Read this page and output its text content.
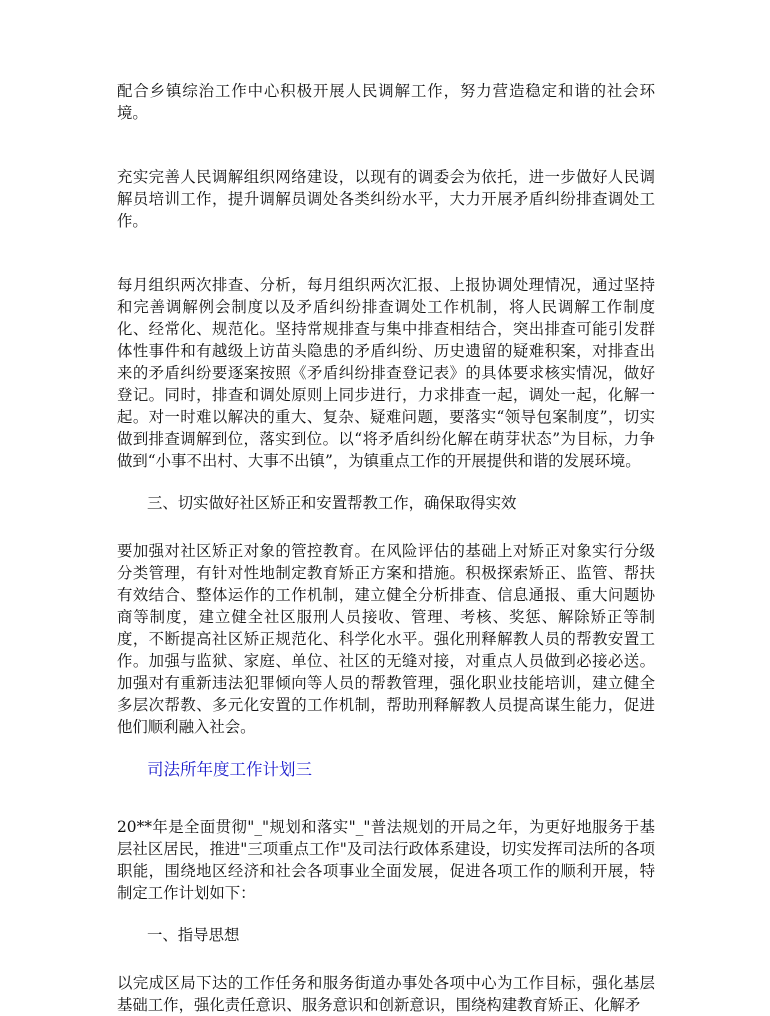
配合乡镇综治工作中心积极开展人民调解工作，努力营造稳定和谐的社会环境。

充实完善人民调解组织网络建设，以现有的调委会为依托，进一步做好人民调解员培训工作，提升调解员调处各类纠纷水平，大力开展矛盾纠纷排查调处工作。

每月组织两次排查、分析，每月组织两次汇报、上报协调处理情况，通过坚持和完善调解例会制度以及矛盾纠纷排查调处工作机制，将人民调解工作制度化、经常化、规范化。坚持常规排查与集中排查相结合，突出排查可能引发群体性事件和有越级上访苗头隐患的矛盾纠纷、历史遗留的疑难积案，对排查出来的矛盾纠纷要逐案按照《矛盾纠纷排查登记表》的具体要求核实情况，做好登记。同时，排查和调处原则上同步进行，力求排查一起，调处一起，化解一起。对一时难以解决的重大、复杂、疑难问题，要落实“领导包案制度”，切实做到排查调解到位，落实到位。以“将矛盾纠纷化解在萌芽状态”为目标，力争做到“小事不出村、大事不出镇”，为镇重点工作的开展提供和谐的发展环境。

三、切实做好社区矫正和安置帮教工作，确保取得实效

要加强对社区矫正对象的管控教育。在风险评估的基础上对矫正对象实行分级分类管理，有针对性地制定教育矫正方案和措施。积极探索矫正、监管、帮扶有效结合、整体运作的工作机制，建立健全分析排查、信息通报、重大问题协商等制度，建立健全社区服刑人员接收、管理、考核、奖惩、解除矫正等制度，不断提高社区矫正规范化、科学化水平。强化刑释解教人员的帮教安置工作。加强与监狱、家庭、单位、社区的无缝对接，对重点人员做到必接必送。加强对有重新违法犯罪倾向等人员的帮教管理，强化职业技能培训，建立健全多层次帮教、多元化安置的工作机制，帮助刑释解教人员提高谋生能力，促进他们顺利融入社会。

司法所年度工作计划三

20**年是全面贯彻"_"规划和落实"_"普法规划的开局之年，为更好地服务于基层社区居民，推进"三项重点工作"及司法行政体系建设，切实发挥司法所的各项职能，围绕地区经济和社会各项事业全面发展，促进各项工作的顺利开展，特制定工作计划如下：

一、指导思想

以完成区局下达的工作任务和服务街道办事处各项中心为工作目标，强化基层基础工作，强化责任意识、服务意识和创新意识，围绕构建教育矫正、化解矛
